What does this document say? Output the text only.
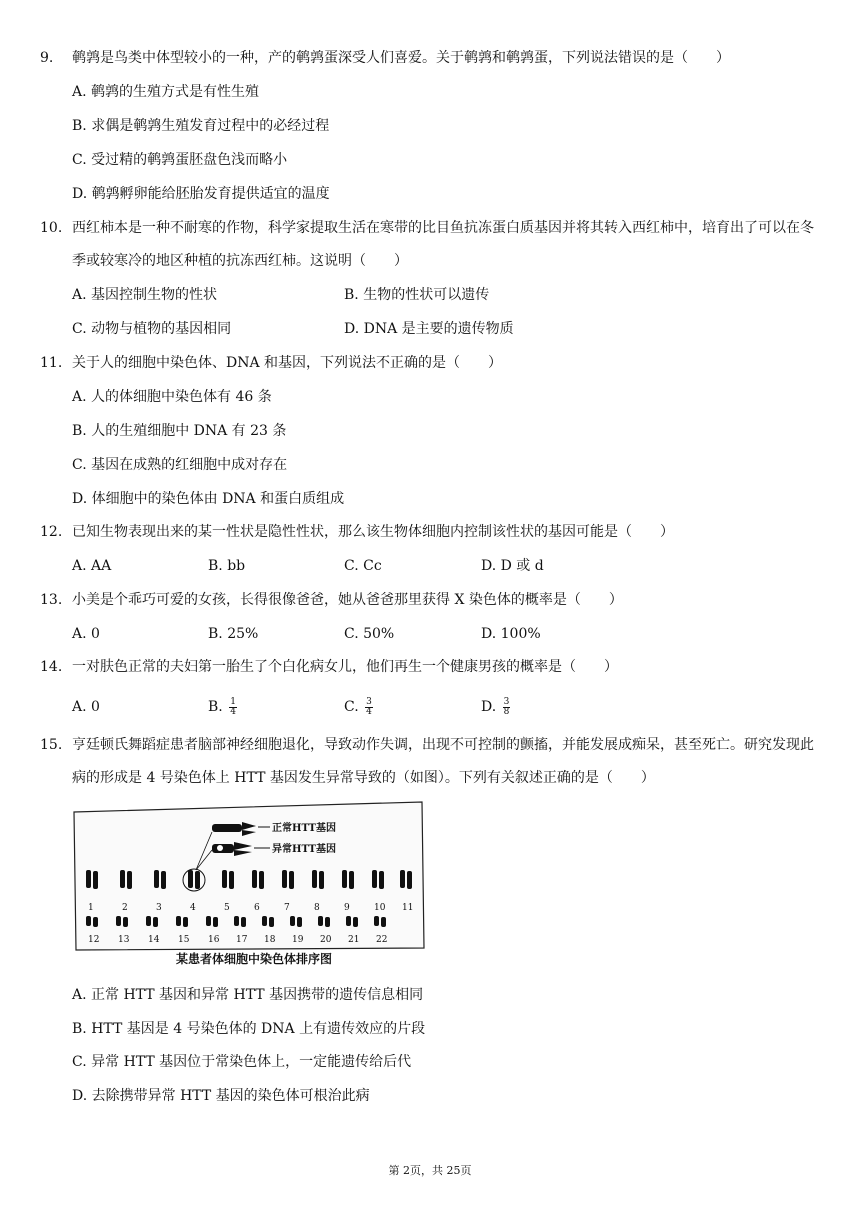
9. 鹌鹑是鸟类中体型较小的一种，产的鹌鹑蛋深受人们喜爱。关于鹌鹑和鹌鹑蛋，下列说法错误的是（　　）
A. 鹌鹑的生殖方式是有性生殖
B. 求偶是鹌鹑生殖发育过程中的必经过程
C. 受过精的鹌鹑蛋胚盘色浅而略小
D. 鹌鹑孵卵能给胚胎发育提供适宜的温度
10. 西红柿本是一种不耐寒的作物，科学家提取生活在寒带的比目鱼抗冻蛋白质基因并将其转入西红柿中，培育出了可以在冬季或较寒冷的地区种植的抗冻西红柿。这说明（　　）
A. 基因控制生物的性状	B. 生物的性状可以遗传
C. 动物与植物的基因相同	D. DNA 是主要的遗传物质
11. 关于人的细胞中染色体、DNA 和基因，下列说法不正确的是（　　）
A. 人的体细胞中染色体有 46 条
B. 人的生殖细胞中 DNA 有 23 条
C. 基因在成熟的红细胞中成对存在
D. 体细胞中的染色体由 DNA 和蛋白质组成
12. 已知生物表现出来的某一性状是隐性性状，那么该生物体细胞内控制该性状的基因可能是（　　）
A. AA	B. bb	C. Cc	D. D 或 d
13. 小美是个乖巧可爱的女孩，长得很像爸爸，她从爸爸那里获得 X 染色体的概率是（　　）
A. 0	B. 25%	C. 50%	D. 100%
14. 一对肤色正常的夫妇第一胎生了个白化病女儿，他们再生一个健康男孩的概率是（　　）
A. 0	B. $\frac{1}{4}$	C. $\frac{3}{4}$	D. $\frac{3}{8}$
15. 亨廷顿氏舞蹈症患者脑部神经细胞退化，导致动作失调，出现不可控制的颤搐，并能发展成痴呆，甚至死亡。研究发现此病的形成是 4 号染色体上 HTT 基因发生异常导致的（如图）。下列有关叙述正确的是（　　）
正常HTT基因
异常HTT基因
1	2	3	4	5	6	7	8	9	10 11
12 13 14 15 16 17 18 19 20 21 22
某患者体细胞中染色体排序图
A. 正常 HTT 基因和异常 HTT 基因携带的遗传信息相同
B. HTT 基因是 4 号染色体的 DNA 上有遗传效应的片段
C. 异常 HTT 基因位于常染色体上，一定能遗传给后代
D. 去除携带异常 HTT 基因的染色体可根治此病
第 2页，共 25页
